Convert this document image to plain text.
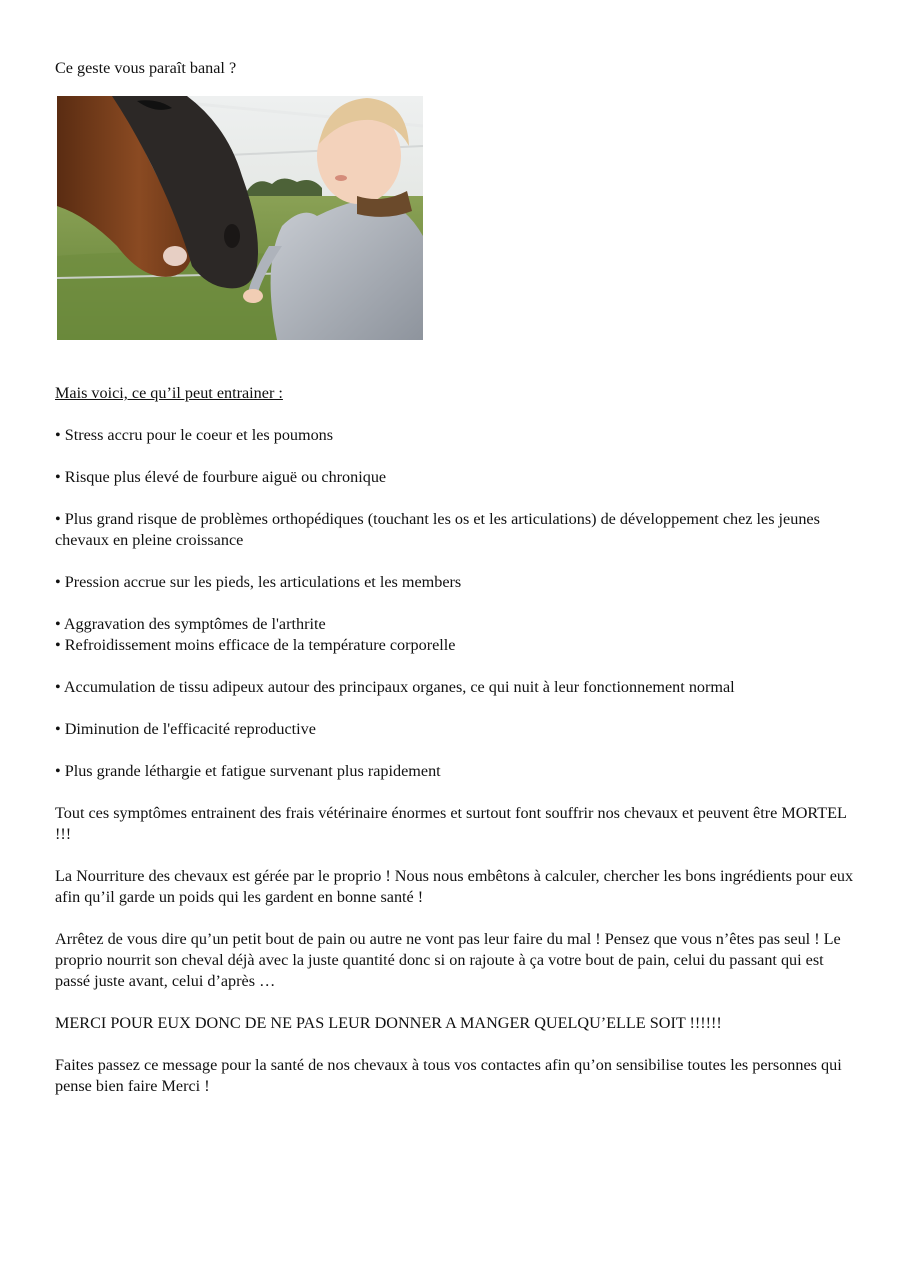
Ce geste vous paraît banal ?

Mais voici, ce qu’il peut entrainer :

• Stress accru pour le coeur et les poumons

• Risque plus élevé de fourbure aiguë ou chronique

• Plus grand risque de problèmes orthopédiques (touchant les os et les articulations) de développement chez les jeunes chevaux en pleine croissance

• Pression accrue sur les pieds, les articulations et les members

• Aggravation des symptômes de l'arthrite

• Refroidissement moins efficace de la température corporelle

• Accumulation de tissu adipeux autour des principaux organes, ce qui nuit à leur fonctionnement normal

• Diminution de l'efficacité reproductive

• Plus grande léthargie et fatigue survenant plus rapidement

Tout ces symptômes entrainent des frais vétérinaire énormes et surtout font souffrir nos chevaux et peuvent être MORTEL !!!

La Nourriture des chevaux est gérée par le proprio ! Nous nous embêtons à calculer, chercher les bons ingrédients pour eux afin qu’il garde un poids qui les gardent en bonne santé !

Arrêtez de vous dire qu’un petit bout de pain ou autre ne vont pas leur faire du mal ! Pensez que vous n’êtes pas seul ! Le proprio nourrit son cheval déjà avec la juste quantité donc si on rajoute à ça votre bout de pain, celui du passant qui est passé juste avant, celui d’après …

MERCI POUR EUX DONC DE NE PAS LEUR DONNER A MANGER QUELQU’ELLE SOIT !!!!!!

Faites passez ce message pour la santé de nos chevaux à tous vos contactes afin qu’on sensibilise toutes les personnes qui pense bien faire Merci !
